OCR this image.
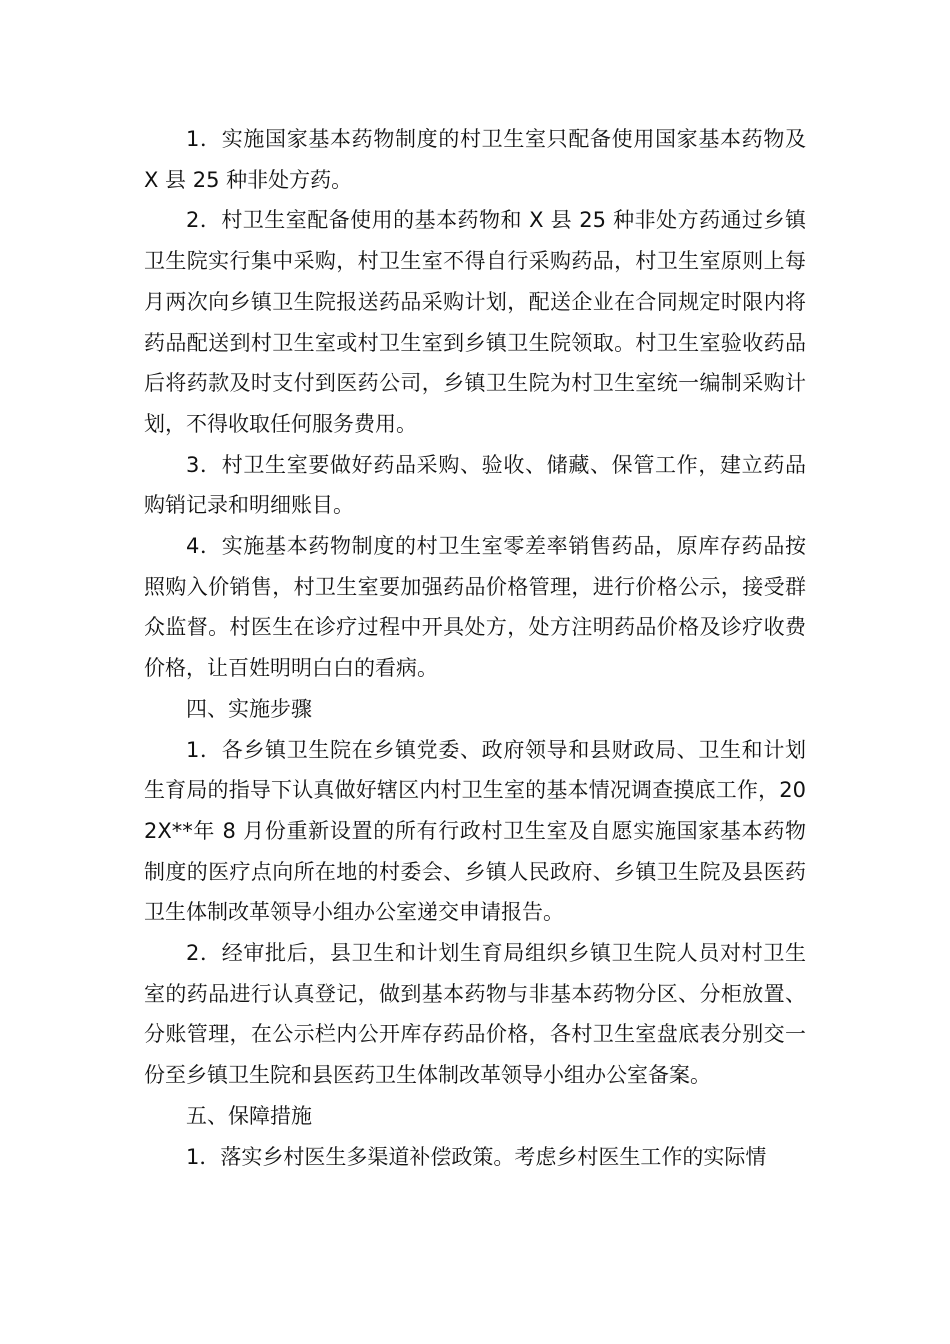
1．实施国家基本药物制度的村卫生室只配备使用国家基本药物及 X 县 25 种非处方药。

2．村卫生室配备使用的基本药物和 X 县 25 种非处方药通过乡镇卫生院实行集中采购，村卫生室不得自行采购药品，村卫生室原则上每月两次向乡镇卫生院报送药品采购计划，配送企业在合同规定时限内将药品配送到村卫生室或村卫生室到乡镇卫生院领取。村卫生室验收药品后将药款及时支付到医药公司，乡镇卫生院为村卫生室统一编制采购计划，不得收取任何服务费用。

3．村卫生室要做好药品采购、验收、储藏、保管工作，建立药品购销记录和明细账目。

4．实施基本药物制度的村卫生室零差率销售药品，原库存药品按照购入价销售，村卫生室要加强药品价格管理，进行价格公示，接受群众监督。村医生在诊疗过程中开具处方，处方注明药品价格及诊疗收费价格，让百姓明明白白的看病。

四、实施步骤

1．各乡镇卫生院在乡镇党委、政府领导和县财政局、卫生和计划生育局的指导下认真做好辖区内村卫生室的基本情况调查摸底工作，202X**年 8 月份重新设置的所有行政村卫生室及自愿实施国家基本药物制度的医疗点向所在地的村委会、乡镇人民政府、乡镇卫生院及县医药卫生体制改革领导小组办公室递交申请报告。

2．经审批后，县卫生和计划生育局组织乡镇卫生院人员对村卫生室的药品进行认真登记，做到基本药物与非基本药物分区、分柜放置、分账管理，在公示栏内公开库存药品价格，各村卫生室盘底表分别交一份至乡镇卫生院和县医药卫生体制改革领导小组办公室备案。

五、保障措施

1．落实乡村医生多渠道补偿政策。考虑乡村医生工作的实际情
